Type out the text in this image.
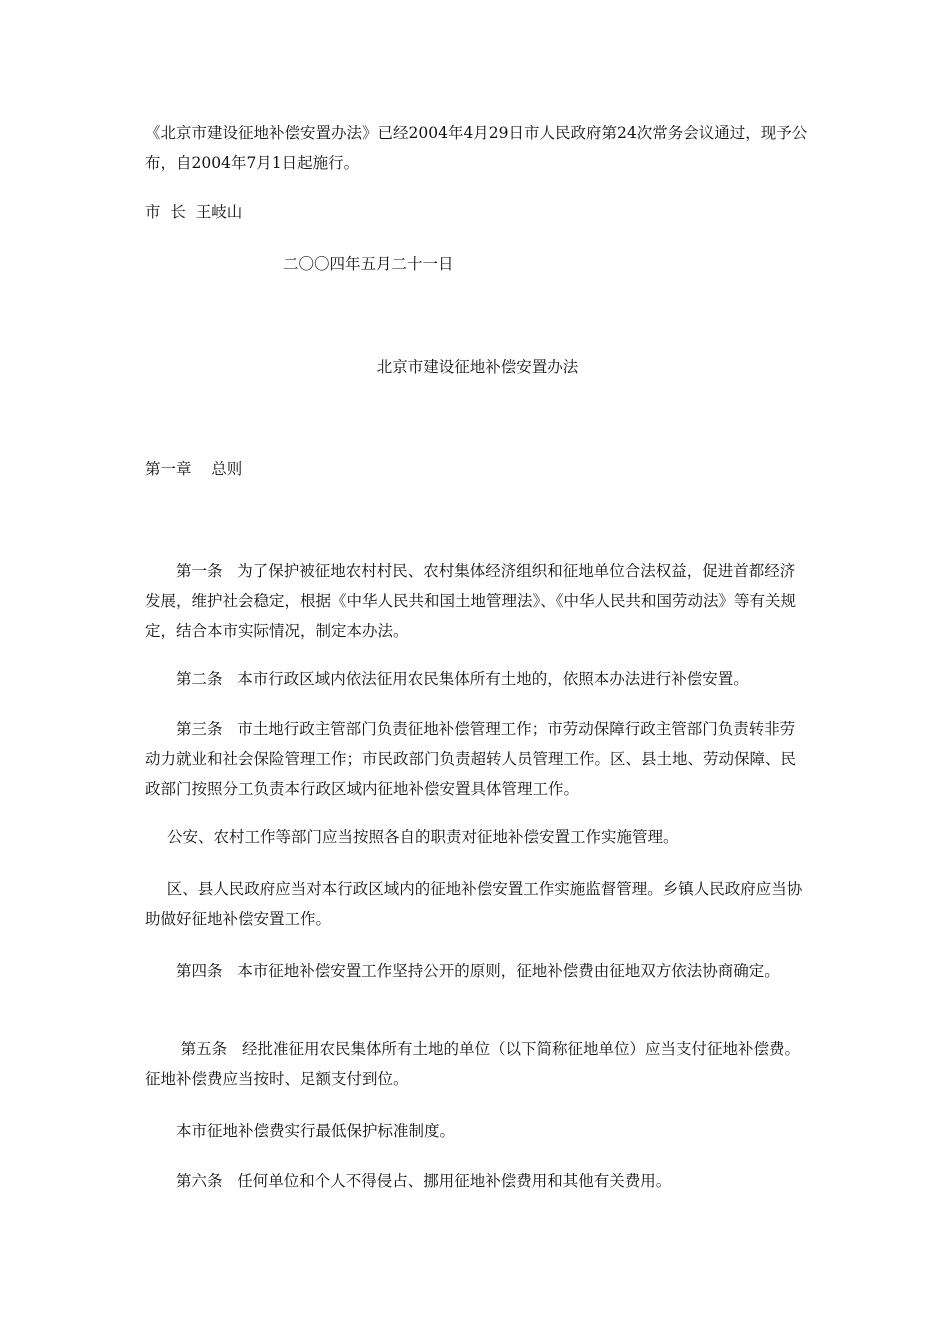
《北京市建设征地补偿安置办法》已经2004年4月29日市人民政府第24次常务会议通过，现予公布，自2004年7月1日起施行。

市  长  王岐山

二〇〇四年五月二十一日

北京市建设征地补偿安置办法

第一章    总则

第一条 为了保护被征地农村村民、农村集体经济组织和征地单位合法权益，促进首都经济发展，维护社会稳定，根据《中华人民共和国土地管理法》、《中华人民共和国劳动法》等有关规定，结合本市实际情况，制定本办法。

第二条 本市行政区域内依法征用农民集体所有土地的，依照本办法进行补偿安置。

第三条 市土地行政主管部门负责征地补偿管理工作；市劳动保障行政主管部门负责转非劳动力就业和社会保险管理工作；市民政部门负责超转人员管理工作。区、县土地、劳动保障、民政部门按照分工负责本行政区域内征地补偿安置具体管理工作。

公安、农村工作等部门应当按照各自的职责对征地补偿安置工作实施管理。

区、县人民政府应当对本行政区域内的征地补偿安置工作实施监督管理。乡镇人民政府应当协助做好征地补偿安置工作。

第四条 本市征地补偿安置工作坚持公开的原则，征地补偿费由征地双方依法协商确定。

第五条 经批准征用农民集体所有土地的单位（以下简称征地单位）应当支付征地补偿费。征地补偿费应当按时、足额支付到位。

本市征地补偿费实行最低保护标准制度。

第六条 任何单位和个人不得侵占、挪用征地补偿费用和其他有关费用。
